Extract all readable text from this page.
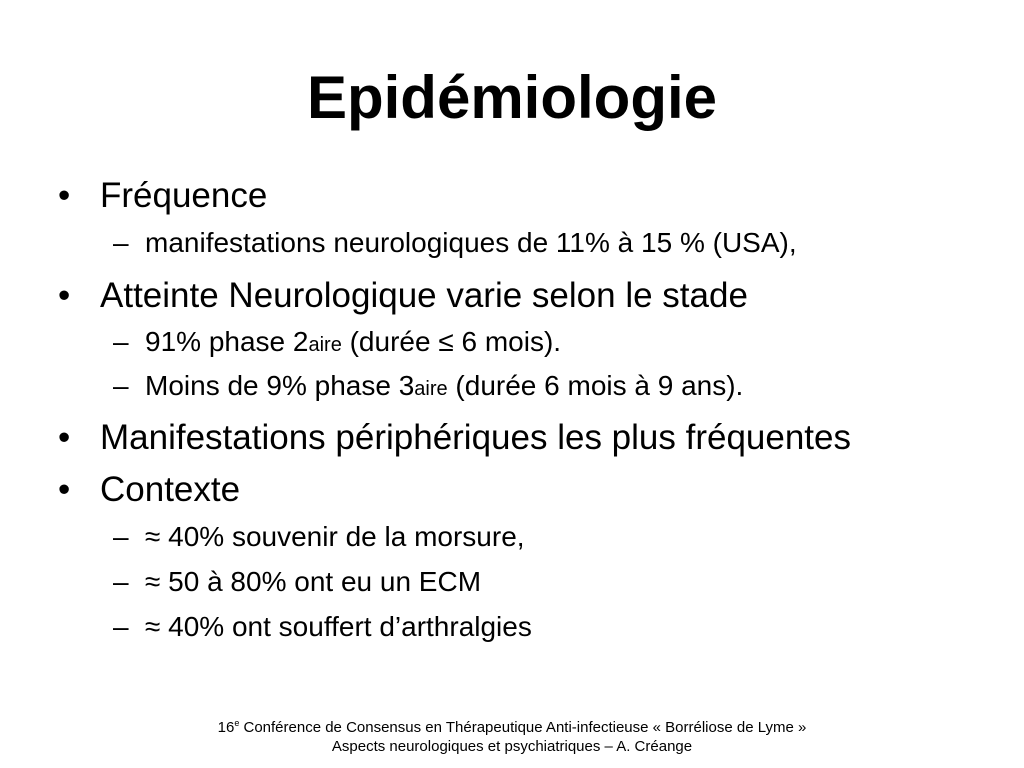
Epidémiologie
• Fréquence
– manifestations neurologiques de 11% à 15 % (USA),
• Atteinte Neurologique varie selon le stade
– 91% phase 2aire (durée ≤ 6 mois).
– Moins de 9% phase 3aire (durée 6 mois à 9 ans).
• Manifestations périphériques les plus fréquentes
• Contexte
– ≈ 40% souvenir de la morsure,
– ≈ 50 à 80% ont eu un ECM
– ≈ 40% ont souffert d’arthralgies
16e Conférence de Consensus en Thérapeutique Anti-infectieuse « Borréliose de Lyme »
Aspects neurologiques et psychiatriques – A. Créange
